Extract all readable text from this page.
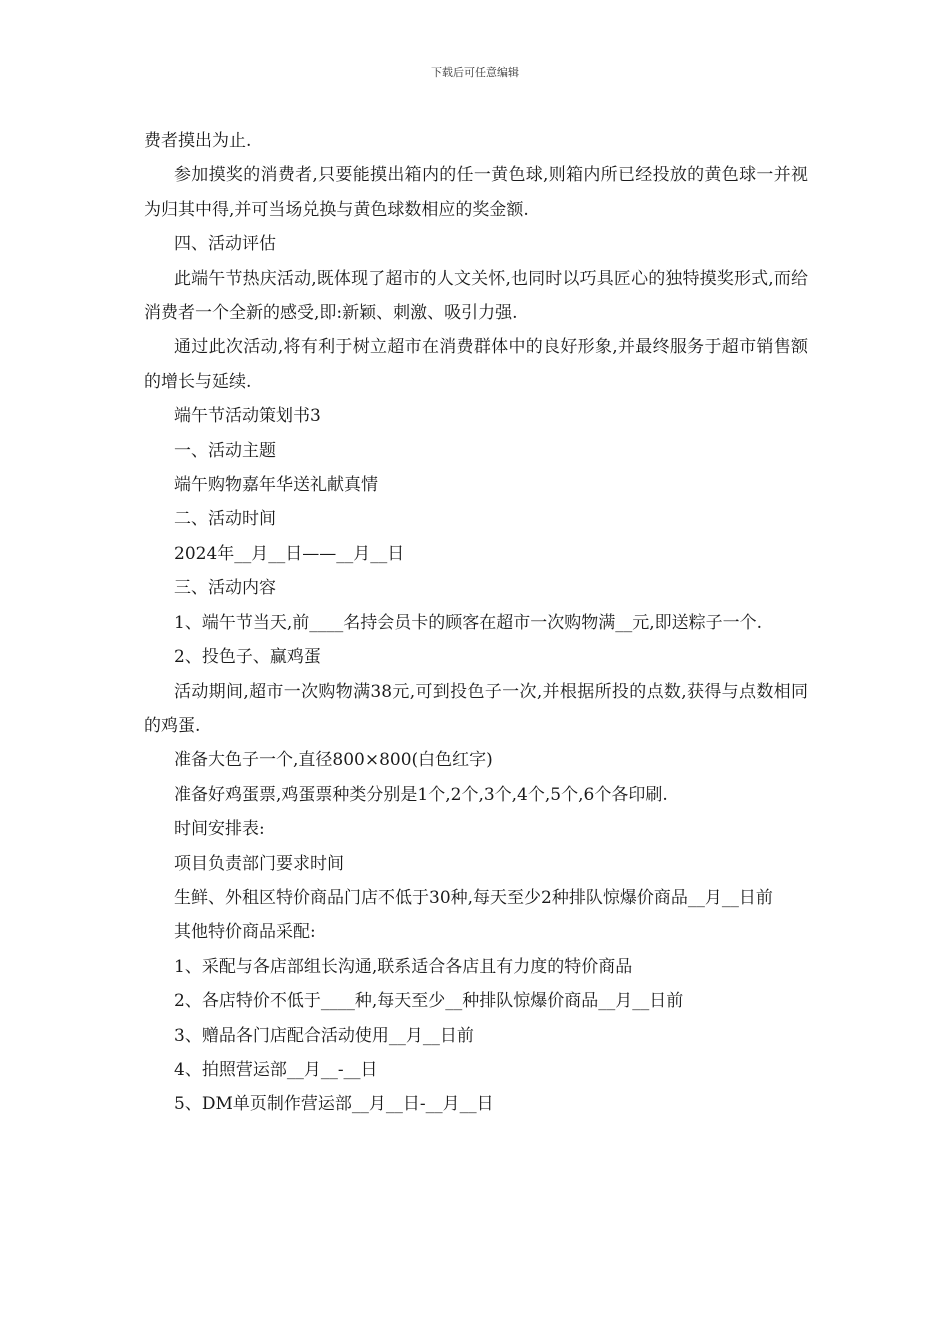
下载后可任意编辑

费者摸出为止.

参加摸奖的消费者,只要能摸出箱内的任一黄色球,则箱内所已经投放的黄色球一并视为归其中得,并可当场兑换与黄色球数相应的奖金额.

四、活动评估

此端午节热庆活动,既体现了超市的人文关怀,也同时以巧具匠心的独特摸奖形式,而给消费者一个全新的感受,即:新颖、刺激、吸引力强.

通过此次活动,将有利于树立超市在消费群体中的良好形象,并最终服务于超市销售额的增长与延续.

端午节活动策划书3

一、活动主题

端午购物嘉年华送礼献真情

二、活动时间

2024年__月__日——__月__日

三、活动内容

1、端午节当天,前____名持会员卡的顾客在超市一次购物满__元,即送粽子一个.

2、投色子、赢鸡蛋

活动期间,超市一次购物满38元,可到投色子一次,并根据所投的点数,获得与点数相同的鸡蛋.

准备大色子一个,直径800×800(白色红字)

准备好鸡蛋票,鸡蛋票种类分别是1个,2个,3个,4个,5个,6个各印刷.

时间安排表:

项目负责部门要求时间

生鲜、外租区特价商品门店不低于30种,每天至少2种排队惊爆价商品__月__日前

其他特价商品采配:

1、采配与各店部组长沟通,联系适合各店且有力度的特价商品

2、各店特价不低于____种,每天至少__种排队惊爆价商品__月__日前

3、赠品各门店配合活动使用__月__日前

4、拍照营运部__月__-__日

5、DM单页制作营运部__月__日-__月__日
